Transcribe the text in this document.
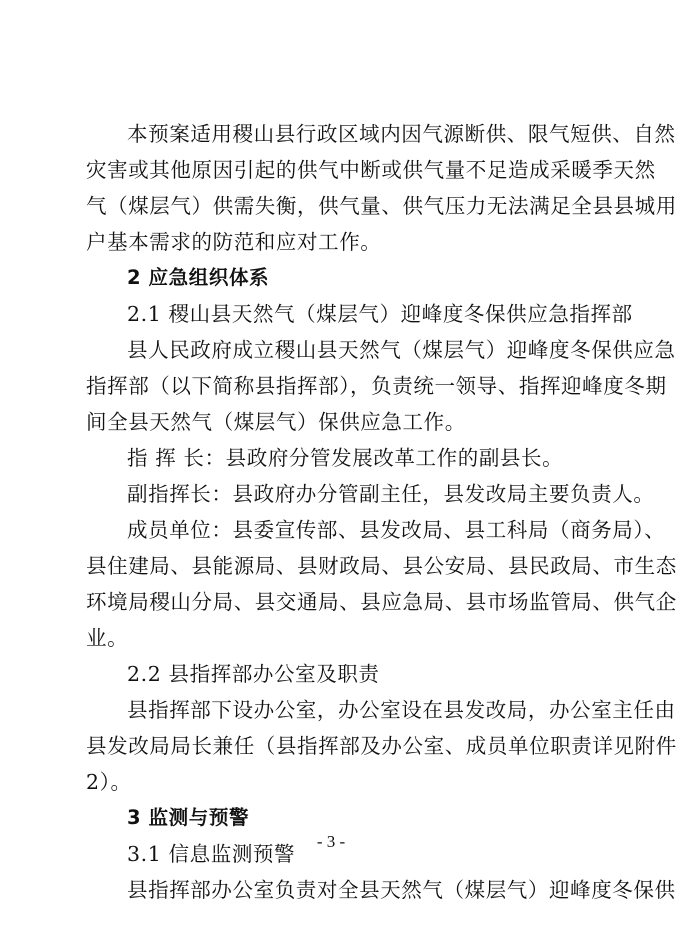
本预案适用稷山县行政区域内因气源断供、限气短供、自然
灾害或其他原因引起的供气中断或供气量不足造成采暖季天然
气（煤层气）供需失衡，供气量、供气压力无法满足全县县城用
户基本需求的防范和应对工作。

2 应急组织体系

2.1 稷山县天然气（煤层气）迎峰度冬保供应急指挥部

县人民政府成立稷山县天然气（煤层气）迎峰度冬保供应急
指挥部（以下简称县指挥部），负责统一领导、指挥迎峰度冬期
间全县天然气（煤层气）保供应急工作。

指 挥 长：县政府分管发展改革工作的副县长。

副指挥长：县政府办分管副主任，县发改局主要负责人。

成员单位：县委宣传部、县发改局、县工科局（商务局）、
县住建局、县能源局、县财政局、县公安局、县民政局、市生态
环境局稷山分局、县交通局、县应急局、县市场监管局、供气企
业。

2.2 县指挥部办公室及职责

县指挥部下设办公室，办公室设在县发改局，办公室主任由
县发改局局长兼任（县指挥部及办公室、成员单位职责详见附件
2）。

3 监测与预警

3.1 信息监测预警

县指挥部办公室负责对全县天然气（煤层气）迎峰度冬保供

- 3 -
